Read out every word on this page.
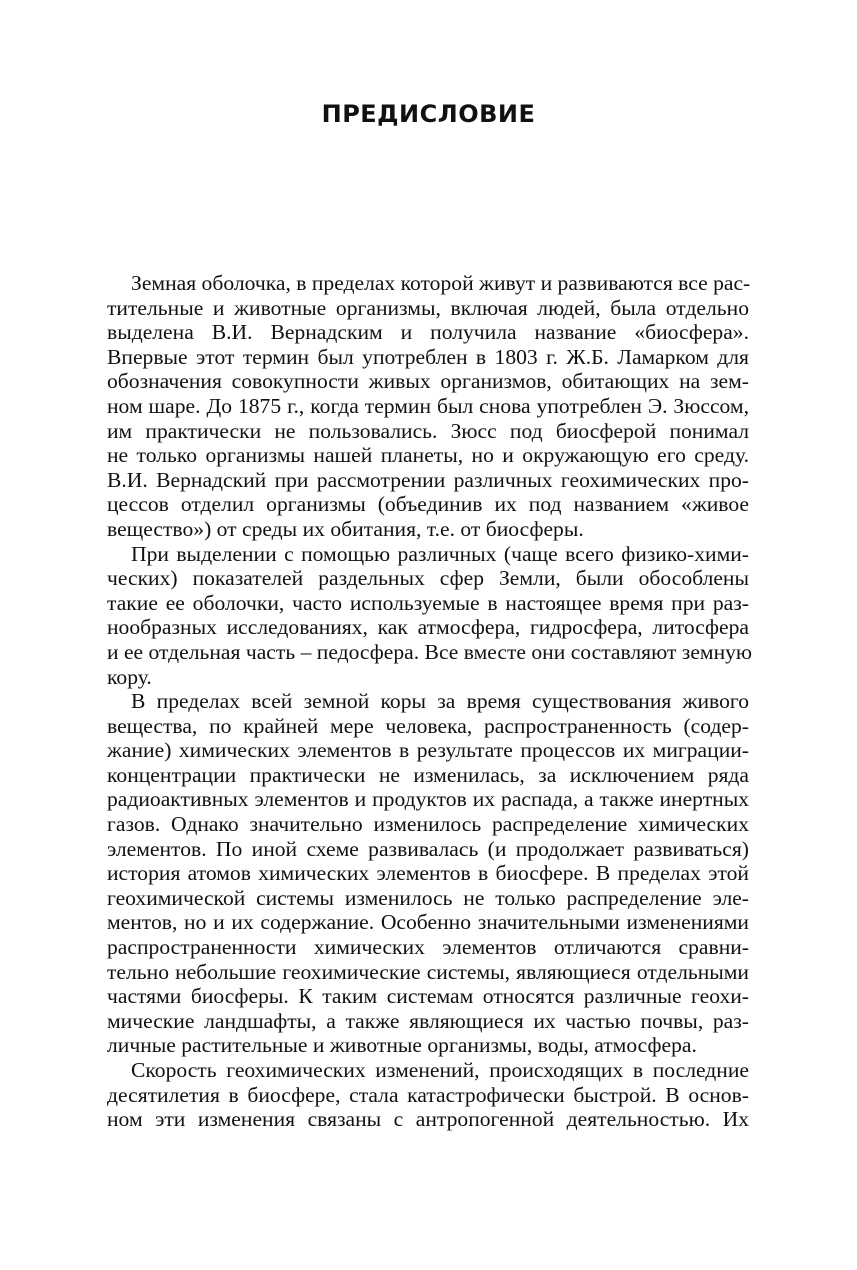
ПРЕДИСЛОВИЕ
Земная оболочка, в пределах которой живут и развиваются все рас-
тительные и животные организмы, включая людей, была отдельно
выделена В.И. Вернадским и получила название «биосфера».
Впервые этот термин был употреблен в 1803 г. Ж.Б. Ламарком для
обозначения совокупности живых организмов, обитающих на зем-
ном шаре. До 1875 г., когда термин был снова употреблен Э. Зюссом,
им практически не пользовались. Зюсс под биосферой понимал
не только организмы нашей планеты, но и окружающую его среду.
В.И. Вернадский при рассмотрении различных геохимических про-
цессов отделил организмы (объединив их под названием «живое
вещество») от среды их обитания, т.е. от биосферы.
При выделении с помощью различных (чаще всего физико-хими-
ческих) показателей раздельных сфер Земли, были обособлены
такие ее оболочки, часто используемые в настоящее время при раз-
нообразных исследованиях, как атмосфера, гидросфера, литосфера
и ее отдельная часть – педосфера. Все вместе они составляют земную
кору.
В пределах всей земной коры за время существования живого
вещества, по крайней мере человека, распространенность (содер-
жание) химических элементов в результате процессов их миграции-
концентрации практически не изменилась, за исключением ряда
радиоактивных элементов и продуктов их распада, а также инертных
газов. Однако значительно изменилось распределение химических
элементов. По иной схеме развивалась (и продолжает развиваться)
история атомов химических элементов в биосфере. В пределах этой
геохимической системы изменилось не только распределение эле-
ментов, но и их содержание. Особенно значительными изменениями
распространенности химических элементов отличаются сравни-
тельно небольшие геохимические системы, являющиеся отдельными
частями биосферы. К таким системам относятся различные геохи-
мические ландшафты, а также являющиеся их частью почвы, раз-
личные растительные и животные организмы, воды, атмосфера.
Скорость геохимических изменений, происходящих в последние
десятилетия в биосфере, стала катастрофически быстрой. В основ-
ном эти изменения связаны с антропогенной деятельностью. Их
